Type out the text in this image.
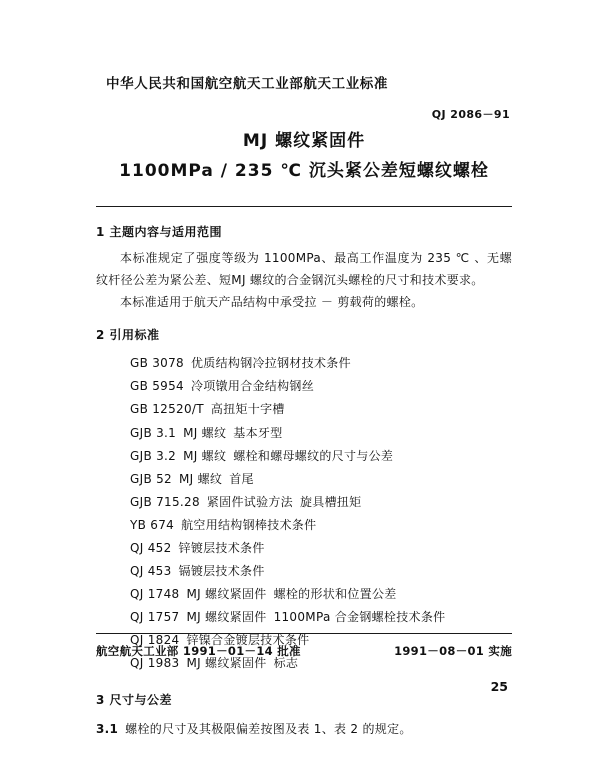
中华人民共和国航空航天工业部航天工业标准
QJ 2086－91
MJ 螺纹紧固件
1100MPa / 235 ℃ 沉头紧公差短螺纹螺栓
1 主题内容与适用范围
本标准规定了强度等级为 1100MPa、最高工作温度为 235 ℃ 、无螺纹杆径公差为紧公差、短MJ 螺纹的合金钢沉头螺栓的尺寸和技术要求。
本标准适用于航天产品结构中承受拉 － 剪载荷的螺栓。
2 引用标准
GB 3078 优质结构钢冷拉钢材技术条件
GB 5954 冷项镦用合金结构钢丝
GB 12520/T 高扭矩十字槽
GJB 3.1 MJ 螺纹 基本牙型
GJB 3.2 MJ 螺纹 螺栓和螺母螺纹的尺寸与公差
GJB 52 MJ 螺纹 首尾
GJB 715.28 紧固件试验方法 旋具槽扭矩
YB 674 航空用结构钢棒技术条件
QJ 452 锌镀层技术条件
QJ 453 镉镀层技术条件
QJ 1748 MJ 螺纹紧固件 螺栓的形状和位置公差
QJ 1757 MJ 螺纹紧固件 1100MPa 合金钢螺栓技术条件
QJ 1824 锌镍合金镀层技术条件
QJ 1983 MJ 螺纹紧固件 标志
3 尺寸与公差
3.1 螺栓的尺寸及其极限偏差按图及表 1、表 2 的规定。
航空航天工业部 1991－01－14 批准	1991－08－01 实施
25
